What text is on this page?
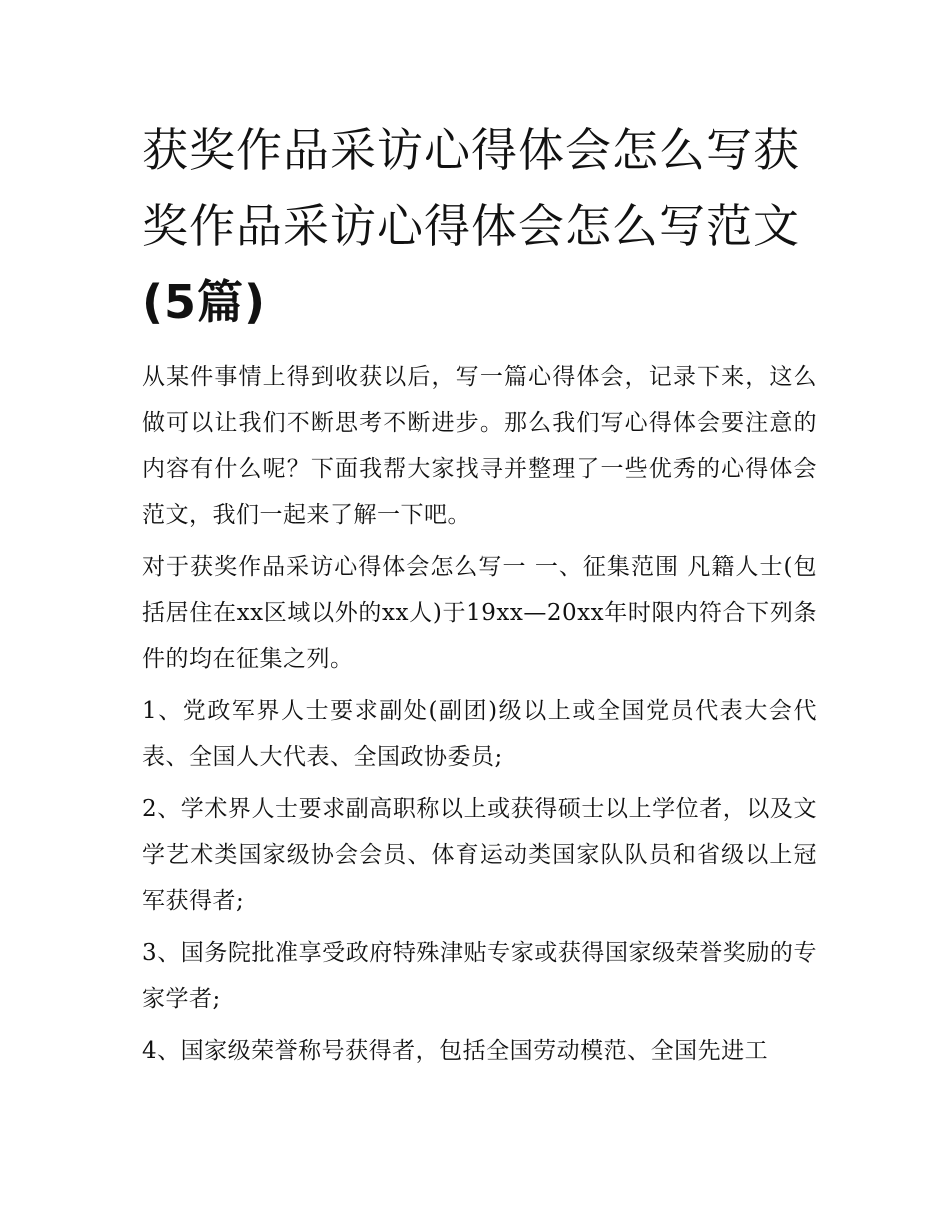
获奖作品采访心得体会怎么写获奖作品采访心得体会怎么写范文(5篇)

从某件事情上得到收获以后，写一篇心得体会，记录下来，这么做可以让我们不断思考不断进步。那么我们写心得体会要注意的内容有什么呢？下面我帮大家找寻并整理了一些优秀的心得体会范文，我们一起来了解一下吧。

对于获奖作品采访心得体会怎么写一 一、征集范围 凡籍人士(包括居住在xx区域以外的xx人)于19xx—20xx年时限内符合下列条件的均在征集之列。

1、党政军界人士要求副处(副团)级以上或全国党员代表大会代表、全国人大代表、全国政协委员;

2、学术界人士要求副高职称以上或获得硕士以上学位者，以及文学艺术类国家级协会会员、体育运动类国家队队员和省级以上冠军获得者;

3、国务院批准享受政府特殊津贴专家或获得国家级荣誉奖励的专家学者;

4、国家级荣誉称号获得者，包括全国劳动模范、全国先进工
